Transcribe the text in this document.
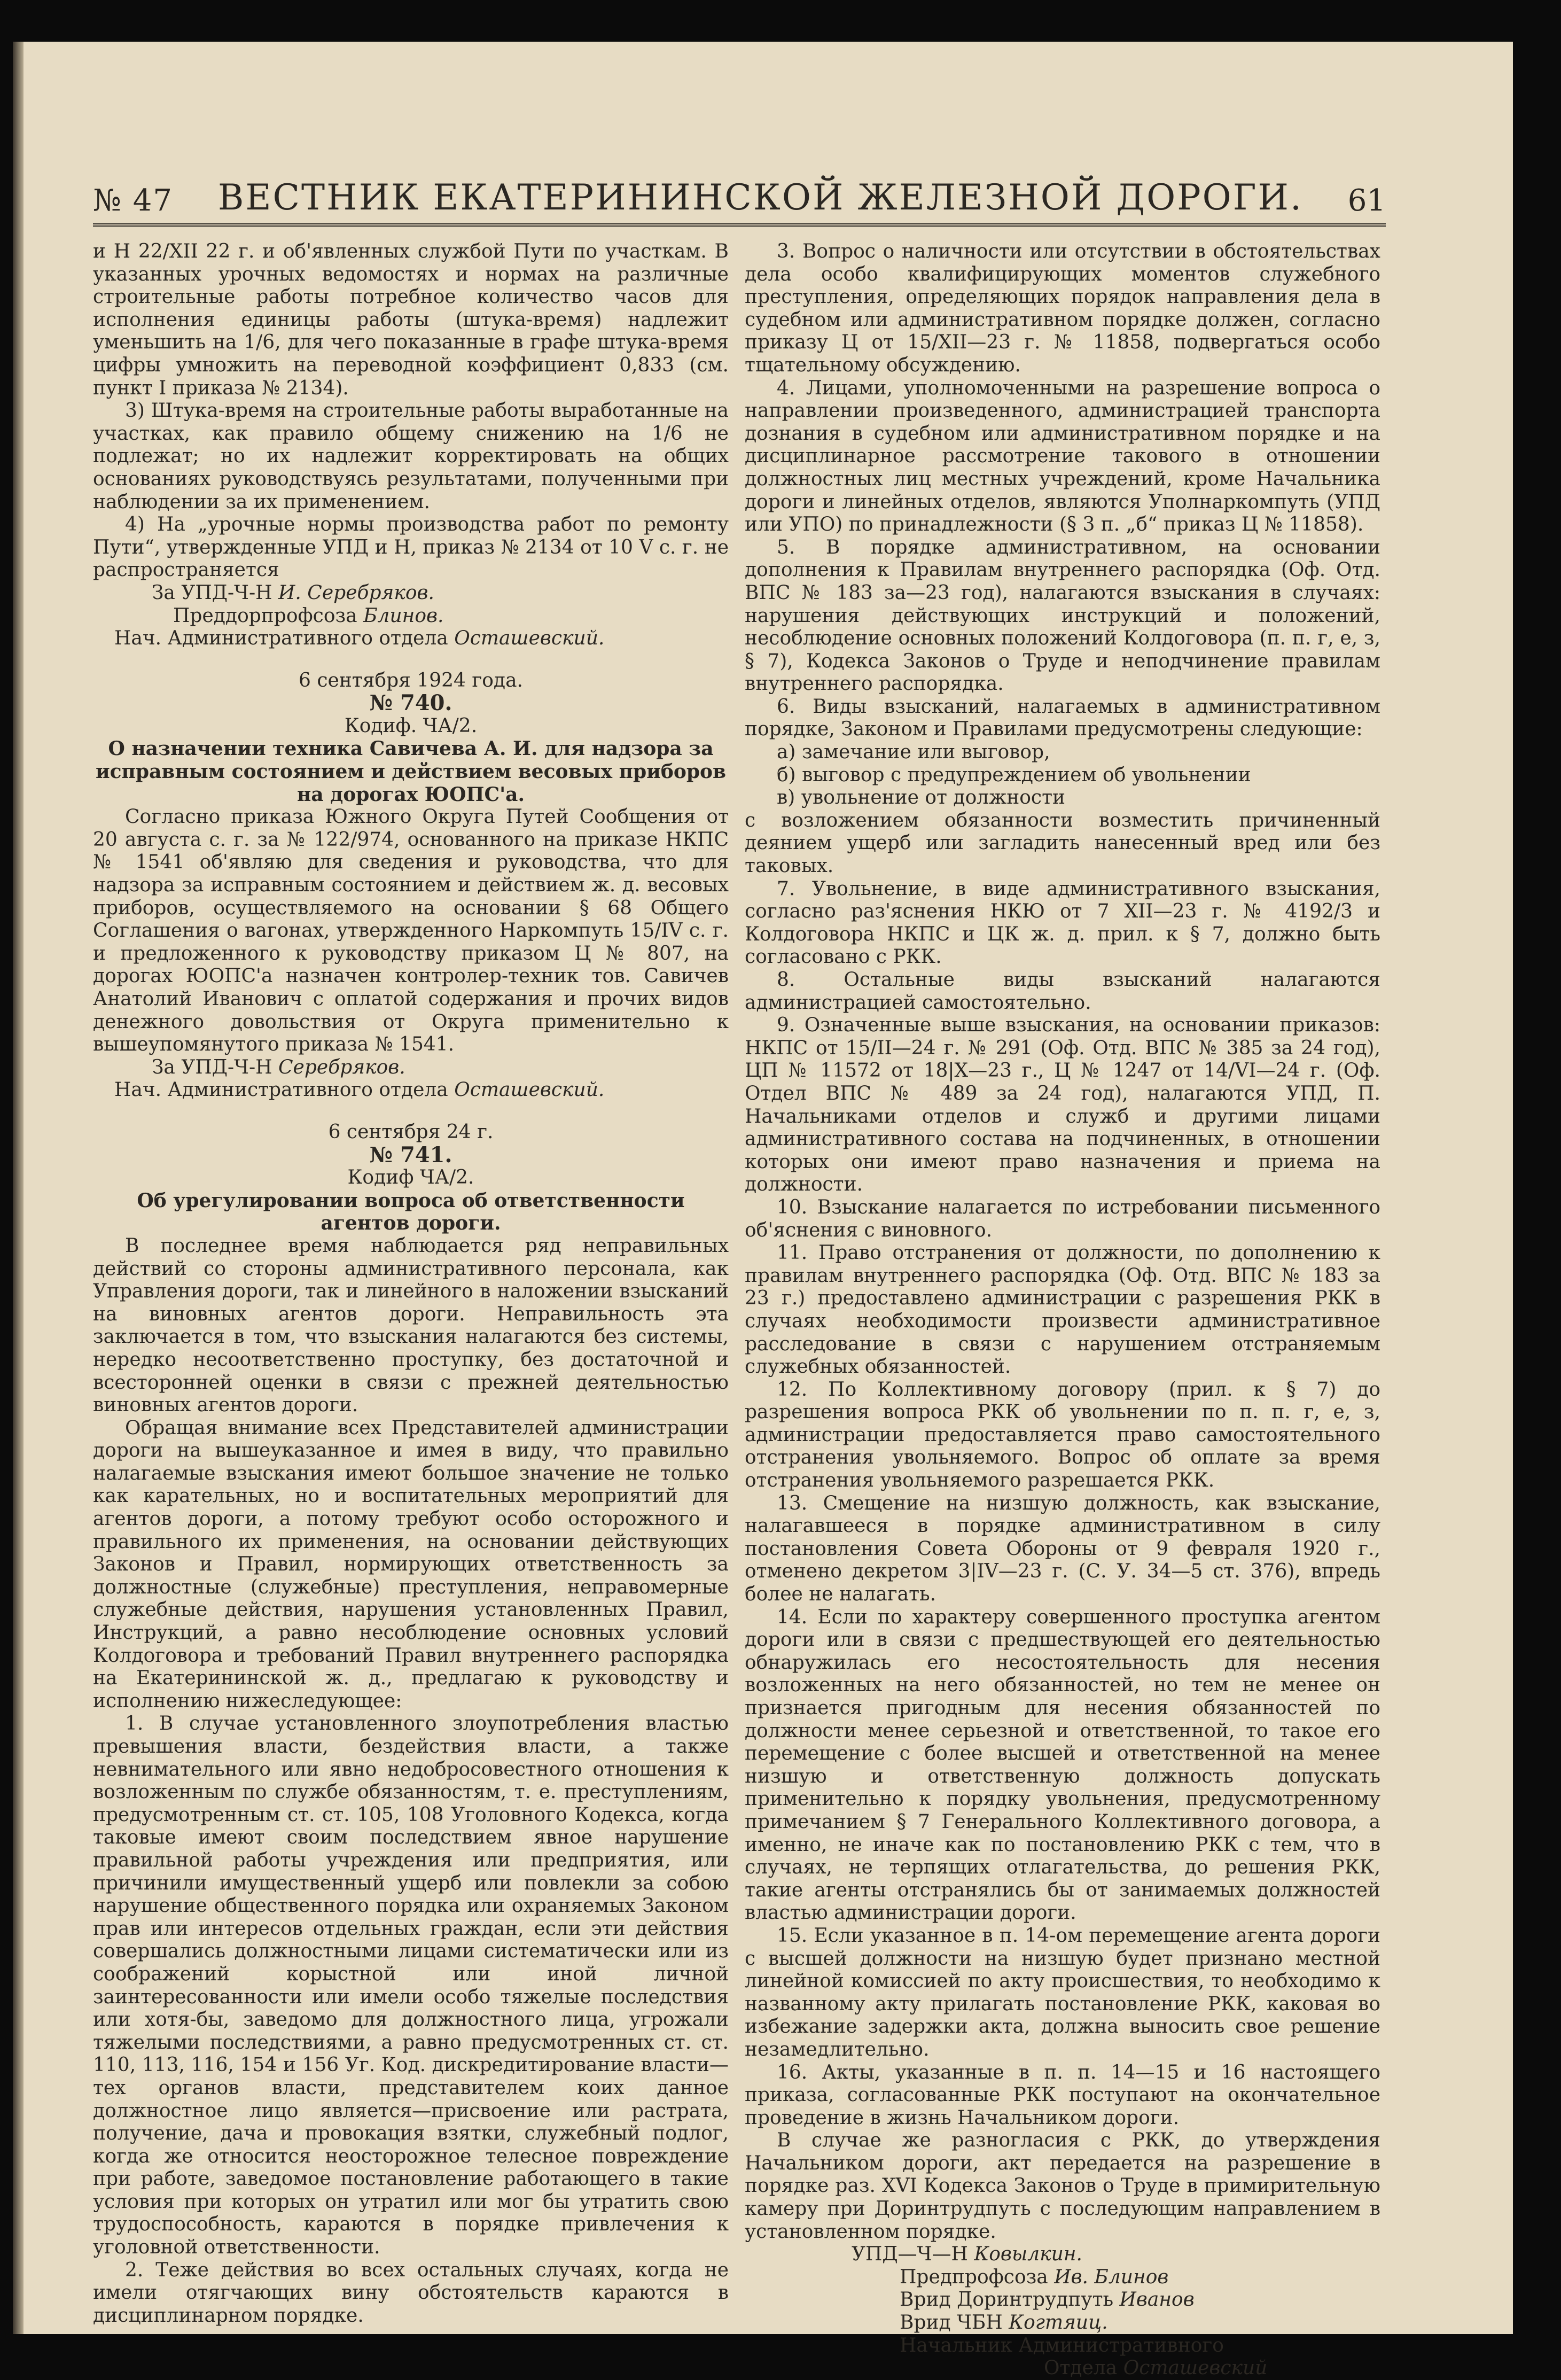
№ 47 ВЕСТНИК ЕКАТЕРИНИНСКОЙ ЖЕЛЕЗНОЙ ДОРОГИ. 61

и Н 22/XII 22 г. и об'явленных службой Пути по участкам. В указанных урочных ведомостях и нормах на различные строительные работы потребное количество часов для исполнения единицы работы (штука-время) надлежит уменьшить на 1/6, для чего показанные в графе штука-время цифры умножить на переводной коэффициент 0,833 (см. пункт I приказа № 2134).

3) Штука-время на строительные работы выработанные на участках, как правило общему снижению на 1/6 не подлежат; но их надлежит корректировать на общих основаниях руководствуясь результатами, полученными при наблюдении за их применением.

4) На „урочные нормы производства работ по ремонту Пути“, утвержденные УПД и Н, приказ № 2134 от 10 V с. г. не распространяется

За УПД-Ч-Н И. Серебряков.

Преддорпрофсоза Блинов.

Нач. Административного отдела Осташевский.

6 сентября 1924 года.

№ 740.

Кодиф. ЧА/2.

О назначении техника Савичева А. И. для надзора за исправным состоянием и действием весовых приборов на дорогах ЮОПС'а.

Согласно приказа Южного Округа Путей Сообщения от 20 августа с. г. за № 122/974, основанного на приказе НКПС № 1541 об'являю для сведения и руководства, что для надзора за исправным состоянием и действием ж. д. весовых приборов, осуществляемого на основании § 68 Общего Соглашения о вагонах, утвержденного Наркомпуть 15/IV с. г. и предложенного к руководству приказом Ц № 807, на дорогах ЮОПС'а назначен контролер-техник тов. Савичев Анатолий Иванович с оплатой содержания и прочих видов денежного довольствия от Округа применительно к вышеупомянутого приказа № 1541.

За УПД-Ч-Н Серебряков.

Нач. Административного отдела Осташевский.

6 сентября 24 г.

№ 741.

Кодиф ЧА/2.

Об урегулировании вопроса об ответственности агентов дороги.

В последнее время наблюдается ряд неправильных действий со стороны административного персонала, как Управления дороги, так и линейного в наложении взысканий на виновных агентов дороги. Неправильность эта заключается в том, что взыскания налагаются без системы, нередко несоответственно проступку, без достаточной и всесторонней оценки в связи с прежней деятельностью виновных агентов дороги.

Обращая внимание всех Представителей администрации дороги на вышеуказанное и имея в виду, что правильно налагаемые взыскания имеют большое значение не только как карательных, но и воспитательных мероприятий для агентов дороги, а потому требуют особо осторожного и правильного их применения, на основании действующих Законов и Правил, нормирующих ответственность за должностные (служебные) преступления, неправомерные служебные действия, нарушения установленных Правил, Инструкций, а равно несоблюдение основных условий Колдоговора и требований Правил внутреннего распорядка на Екатерининской ж. д., предлагаю к руководству и исполнению нижеследующее:

1. В случае установленного злоупотребления властью превышения власти, бездействия власти, а также невнимательного или явно недобросовестного отношения к возложенным по службе обязанностям, т. е. преступлениям, предусмотренным ст. ст. 105, 108 Уголовного Кодекса, когда таковые имеют своим последствием явное нарушение правильной работы учреждения или предприятия, или причинили имущественный ущерб или повлекли за собою нарушение общественного порядка или охраняемых Законом прав или интересов отдельных граждан, если эти действия совершались должностными лицами систематически или из соображений корыстной или иной личной заинтересованности или имели особо тяжелые последствия или хотя-бы, заведомо для должностного лица, угрожали тяжелыми последствиями, а равно предусмотренных ст. ст. 110, 113, 116, 154 и 156 Уг. Код. дискредитирование власти—тех органов власти, представителем коих данное должностное лицо является—присвоение или растрата, получение, дача и провокация взятки, служебный подлог, когда же относится неосторожное телесное повреждение при работе, заведомое постановление работающего в такие условия при которых он утратил или мог бы утратить свою трудоспособность, караются в порядке привлечения к уголовной ответственности.

2. Теже действия во всех остальных случаях, когда не имели отягчающих вину обстоятельств караются в дисциплинарном порядке.

3. Вопрос о наличности или отсутствии в обстоятельствах дела особо квалифицирующих моментов служебного преступления, определяющих порядок направления дела в судебном или административном порядке должен, согласно приказу Ц от 15/XII—23 г. № 11858, подвергаться особо тщательному обсуждению.

4. Лицами, уполномоченными на разрешение вопроса о направлении произведенного, администрацией транспорта дознания в судебном или административном порядке и на дисциплинарное рассмотрение такового в отношении должностных лиц местных учреждений, кроме Начальника дороги и линейных отделов, являются Уполнаркомпуть (УПД или УПО) по принадлежности (§ 3 п. „б“ приказ Ц № 11858).

5. В порядке административном, на основании дополнения к Правилам внутреннего распорядка (Оф. Отд. ВПС № 183 за—23 год), налагаются взыскания в случаях: нарушения действующих инструкций и положений, несоблюдение основных положений Колдоговора (п. п. г, е, з, § 7), Кодекса Законов о Труде и неподчинение правилам внутреннего распорядка.

6. Виды взысканий, налагаемых в административном порядке, Законом и Правилами предусмотрены следующие:

а) замечание или выговор,

б) выговор с предупреждением об увольнении

в) увольнение от должности

с возложением обязанности возместить причиненный деянием ущерб или загладить нанесенный вред или без таковых.

7. Увольнение, в виде административного взыскания, согласно раз'яснения НКЮ от 7 XII—23 г. № 4192/3 и Колдоговора НКПС и ЦК ж. д. прил. к § 7, должно быть согласовано с РКК.

8. Остальные виды взысканий налагаются администрацией самостоятельно.

9. Означенные выше взыскания, на основании приказов: НКПС от 15/II—24 г. № 291 (Оф. Отд. ВПС № 385 за 24 год), ЦП № 11572 от 18|X—23 г., Ц № 1247 от 14/VI—24 г. (Оф. Отдел ВПС № 489 за 24 год), налагаются УПД, П. Начальниками отделов и служб и другими лицами административного состава на подчиненных, в отношении которых они имеют право назначения и приема на должности.

10. Взыскание налагается по истребовании письменного об'яснения с виновного.

11. Право отстранения от должности, по дополнению к правилам внутреннего распорядка (Оф. Отд. ВПС № 183 за 23 г.) предоставлено администрации с разрешения РКК в случаях необходимости произвести административное расследование в связи с нарушением отстраняемым служебных обязанностей.

12. По Коллективному договору (прил. к § 7) до разрешения вопроса РКК об увольнении по п. п. г, е, з, администрации предоставляется право самостоятельного отстранения увольняемого. Вопрос об оплате за время отстранения увольняемого разрешается РКК.

13. Смещение на низшую должность, как взыскание, налагавшееся в порядке административном в силу постановления Совета Обороны от 9 февраля 1920 г., отменено декретом 3|IV—23 г. (С. У. 34—5 ст. 376), впредь более не налагать.

14. Если по характеру совершенного проступка агентом дороги или в связи с предшествующей его деятельностью обнаружилась его несостоятельность для несения возложенных на него обязанностей, но тем не менее он признается пригодным для несения обязанностей по должности менее серьезной и ответственной, то такое его перемещение с более высшей и ответственной на менее низшую и ответственную должность допускать применительно к порядку увольнения, предусмотренному примечанием § 7 Генерального Коллективного договора, а именно, не иначе как по постановлению РКК с тем, что в случаях, не терпящих отлагательства, до решения РКК, такие агенты отстранялись бы от занимаемых должностей властью администрации дороги.

15. Если указанное в п. 14-ом перемещение агента дороги с высшей должности на низшую будет признано местной линейной комиссией по акту происшествия, то необходимо к названному акту прилагать постановление РКК, каковая во избежание задержки акта, должна выносить свое решение незамедлительно.

16. Акты, указанные в п. п. 14—15 и 16 настоящего приказа, согласованные РКК поступают на окончательное проведение в жизнь Начальником дороги.

В случае же разногласия с РКК, до утверждения Начальником дороги, акт передается на разрешение в порядке раз. XVI Кодекса Законов о Труде в примирительную камеру при Доринтрудпуть с последующим направлением в установленном порядке.

УПД—Ч—Н Ковылкин.

Предпрофсоза Ив. Блинов

Врид Доринтрудпуть Иванов

Врид ЧБН Когтяиц.

Начальник Административного

Отдела Осташевский
